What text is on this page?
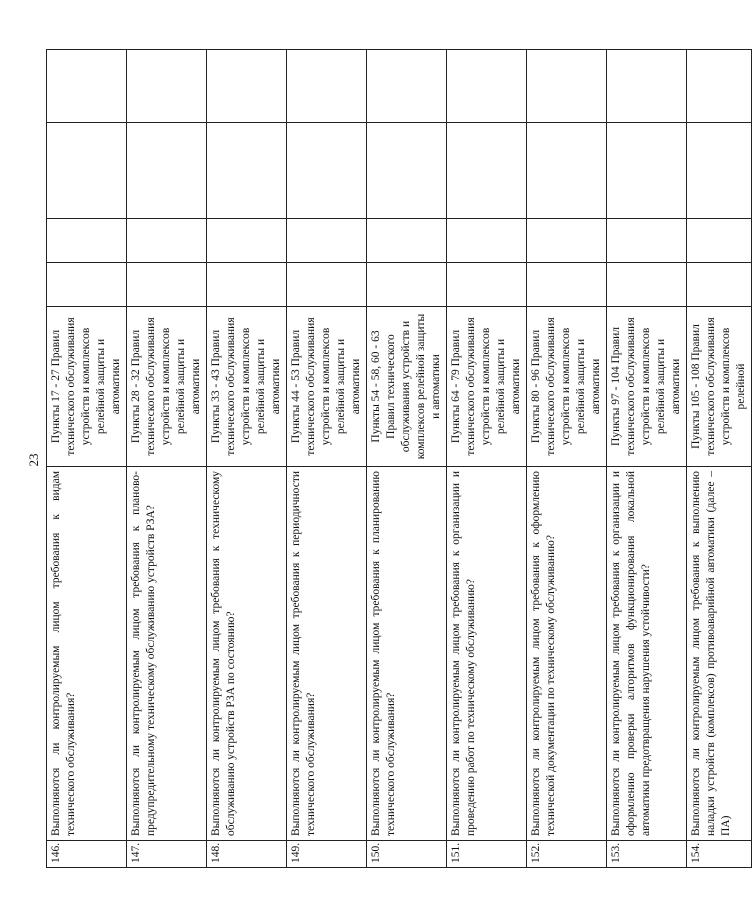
23
146.	Выполняются ли контролируемым лицом требования к видам технического обслуживания?	Пункты 17 - 27 Правил технического обслуживания устройств и комплексов релейной защиты и автоматики				
147.	Выполняются ли контролируемым лицом требования к планово-предупредительному техническому обслуживанию устройств РЗА?	Пункты 28 - 32 Правил технического обслуживания устройств и комплексов релейной защиты и автоматики				
148.	Выполняются ли контролируемым лицом требования к техническому обслуживанию устройств РЗА по состоянию?	Пункты 33 - 43 Правил технического обслуживания устройств и комплексов релейной защиты и автоматики				
149.	Выполняются ли контролируемым лицом требования к периодичности технического обслуживания?	Пункты 44 - 53 Правил технического обслуживания устройств и комплексов релейной защиты и автоматики				
150.	Выполняются ли контролируемым лицом требования к планированию технического обслуживания?	Пункты 54 - 58, 60 - 63 Правил технического обслуживания устройств и комплексов релейной защиты и автоматики				
151.	Выполняются ли контролируемым лицом требования к организации и проведению работ по техническому обслуживанию?	Пункты 64 - 79 Правил технического обслуживания устройств и комплексов релейной защиты и автоматики				
152.	Выполняются ли контролируемым лицом требования к оформлению технической документации по техническому обслуживанию?	Пункты 80 - 96 Правил технического обслуживания устройств и комплексов релейной защиты и автоматики				
153.	Выполняются ли контролируемым лицом требования к организации и оформлению проверки алгоритмов функционирования локальной автоматики предотвращения нарушения устойчивости?	Пункты 97 - 104 Правил технического обслуживания устройств и комплексов релейной защиты и автоматики				
154.	Выполняются ли контролируемым лицом требования к выполнению наладки устройств (комплексов) противоаварийной автоматики (далее – ПА)	Пункты 105 - 108 Правил технического обслуживания устройств и комплексов релейной				
